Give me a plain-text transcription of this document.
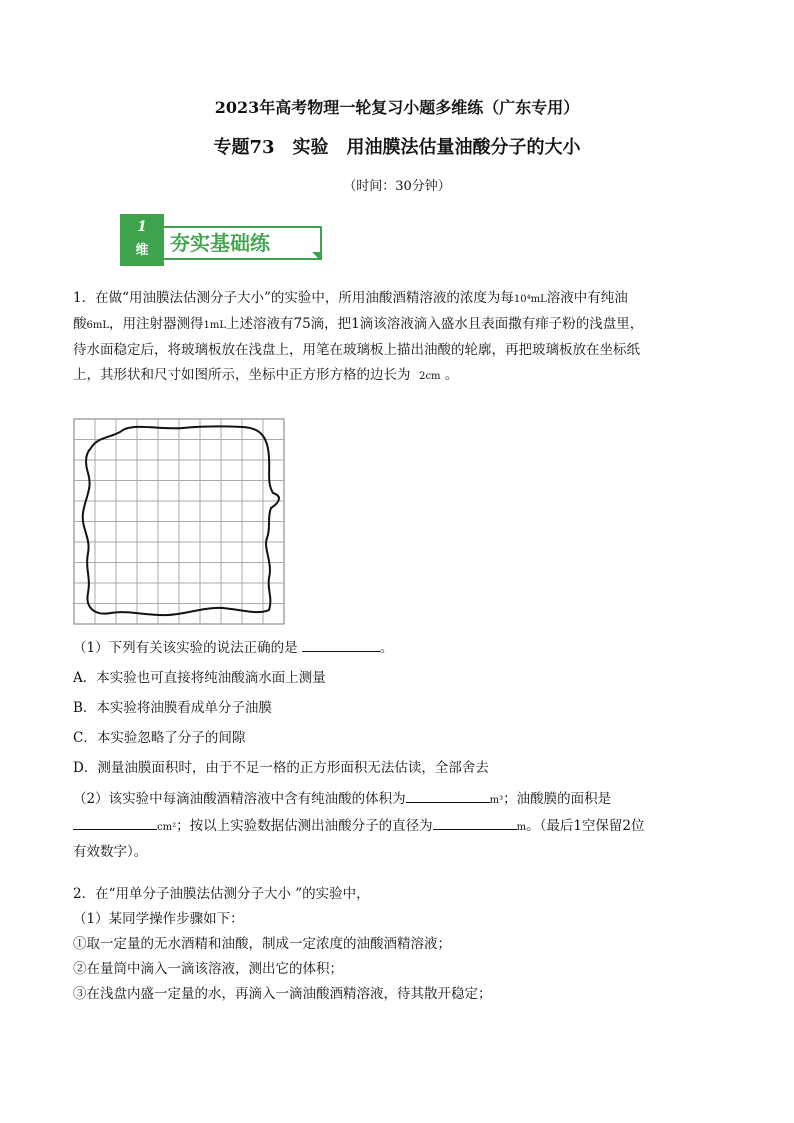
2023年高考物理一轮复习小题多维练（广东专用）
专题73　实验　用油膜法估量油酸分子的大小
（时间：30分钟）
1
维	夯实基础练
1．在做“用油膜法估测分子大小”的实验中，所用油酸酒精溶液的浓度为每10⁴mL溶液中有纯油
酸6mL，用注射器测得1mL上述溶液有75滴，把1滴该溶液滴入盛水且表面撒有痱子粉的浅盘里，
待水面稳定后，将玻璃板放在浅盘上，用笔在玻璃板上描出油酸的轮廓，再把玻璃板放在坐标纸
上，其形状和尺寸如图所示，坐标中正方形方格的边长为 2cm 。
（1）下列有关该实验的说法正确的是	。
A．本实验也可直接将纯油酸滴水面上测量
B．本实验将油膜看成单分子油膜
C．本实验忽略了分子的间隙
D．测量油膜面积时，由于不足一格的正方形面积无法估读，全部舍去
（2）该实验中每滴油酸酒精溶液中含有纯油酸的体积为	m³；油酸膜的面积是
cm²；按以上实验数据估测出油酸分子的直径为	m。（最后1空保留2位
有效数字）。
2．在“用单分子油膜法估测分子大小 ”的实验中，
（1）某同学操作步骤如下：
①取一定量的无水酒精和油酸，制成一定浓度的油酸酒精溶液；
②在量筒中滴入一滴该溶液，测出它的体积；
③在浅盘内盛一定量的水，再滴入一滴油酸酒精溶液，待其散开稳定；
